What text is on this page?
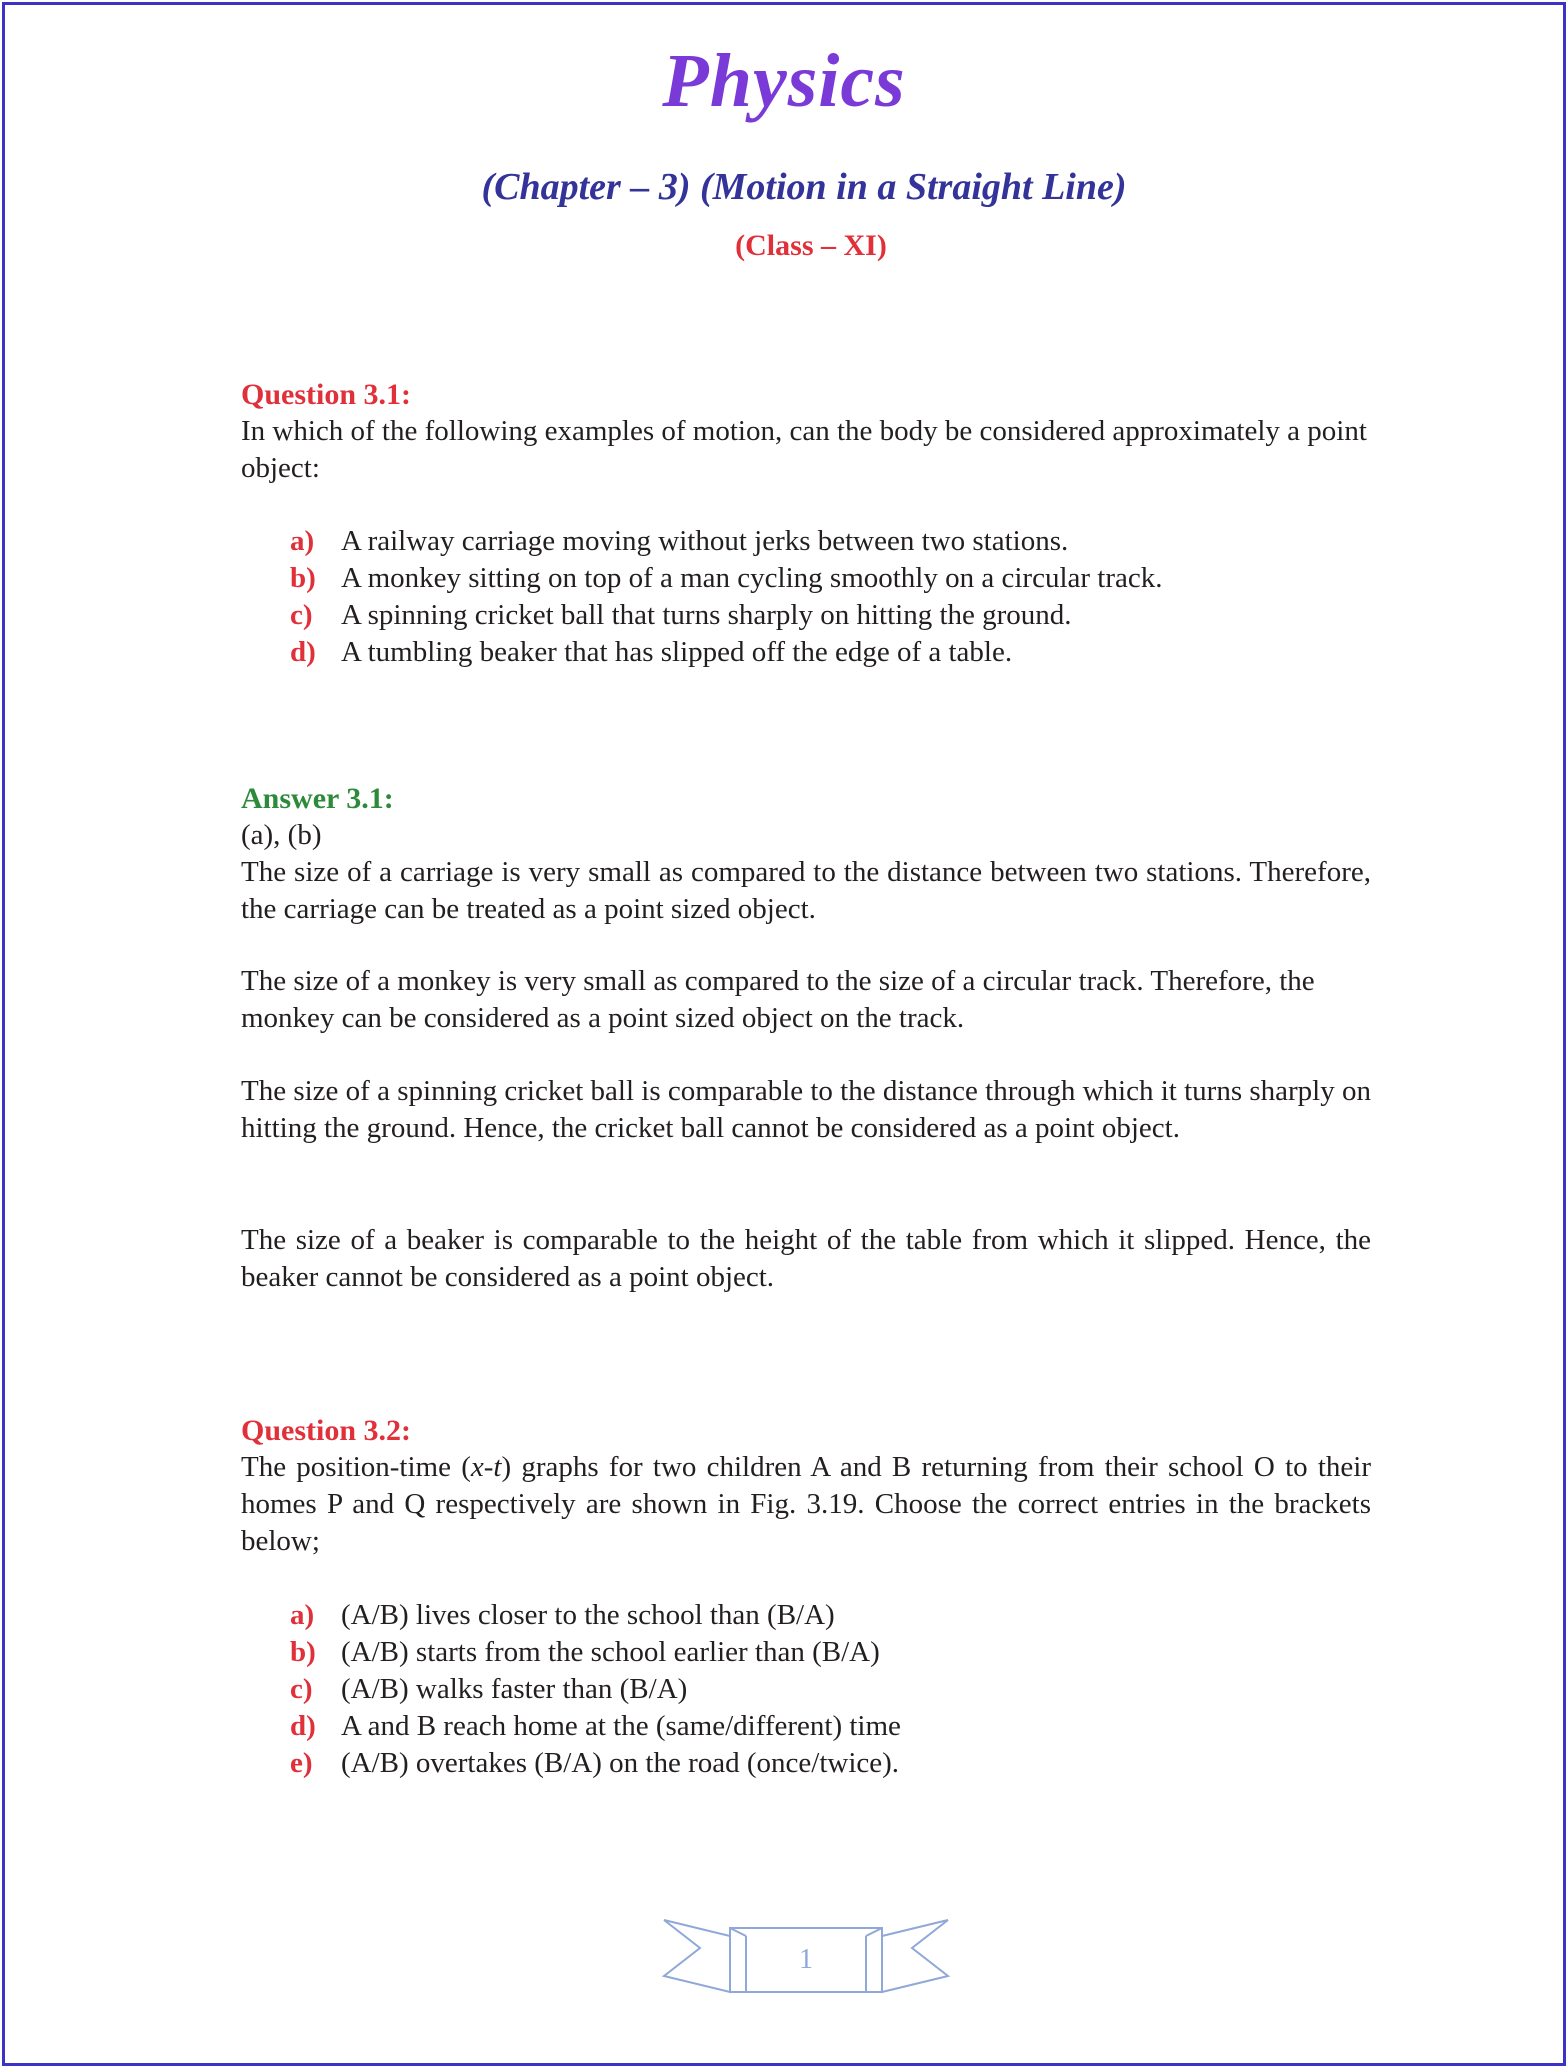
Physics
(Chapter – 3) (Motion in a Straight Line)
(Class – XI)
Question 3.1:

In which of the following examples of motion, can the body be considered approximately a point object:

a) A railway carriage moving without jerks between two stations.
b) A monkey sitting on top of a man cycling smoothly on a circular track.
c) A spinning cricket ball that turns sharply on hitting the ground.
d) A tumbling beaker that has slipped off the edge of a table.
Answer 3.1:

(a), (b)

The size of a carriage is very small as compared to the distance between two stations. Therefore, the carriage can be treated as a point sized object.

The size of a monkey is very small as compared to the size of a circular track. Therefore, the monkey can be considered as a point sized object on the track.

The size of a spinning cricket ball is comparable to the distance through which it turns sharply on hitting the ground. Hence, the cricket ball cannot be considered as a point object.

The size of a beaker is comparable to the height of the table from which it slipped. Hence, the beaker cannot be considered as a point object.

Question 3.2:

The position-time (x-t) graphs for two children A and B returning from their school O to their homes P and Q respectively are shown in Fig. 3.19. Choose the correct entries in the brackets below;

a) (A/B) lives closer to the school than (B/A)
b) (A/B) starts from the school earlier than (B/A)
c) (A/B) walks faster than (B/A)
d) A and B reach home at the (same/different) time
e) (A/B) overtakes (B/A) on the road (once/twice).
1
